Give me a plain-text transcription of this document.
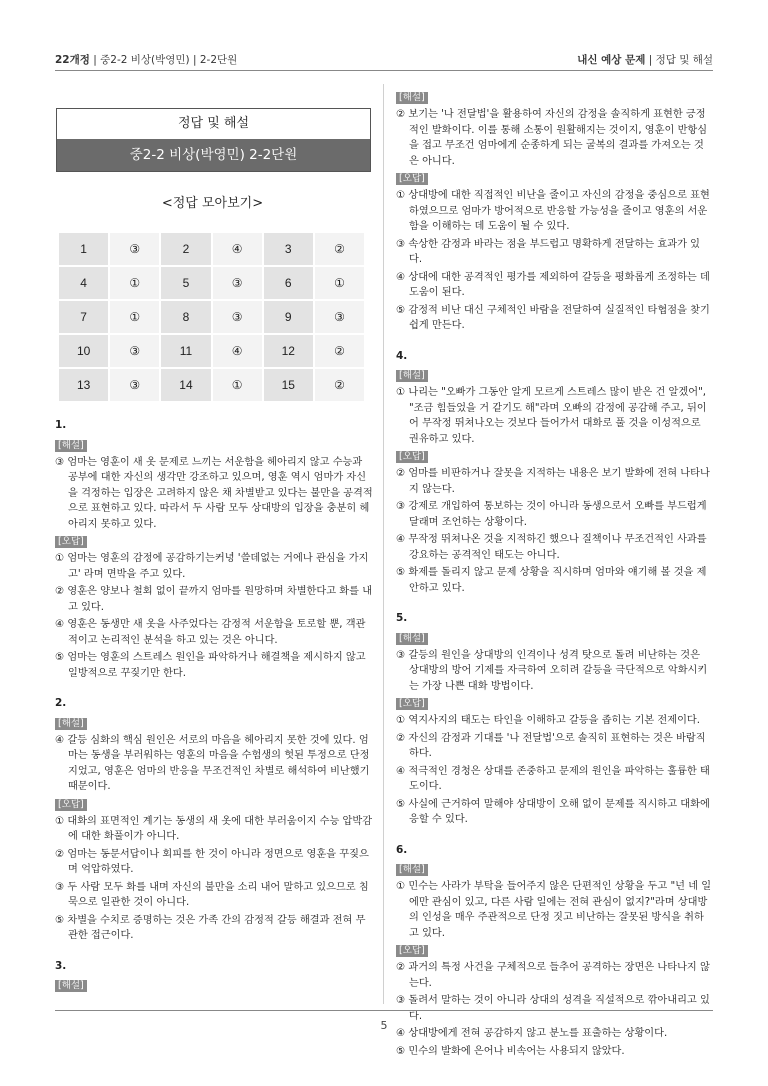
22개정 | 중2-2 비상(박영민) | 2-2단원	내신 예상 문제 | 정답 및 해설
정답 및 해설
중2-2 비상(박영민) 2-2단원
<정답 모아보기>
1	③	2	④	3	②
4	①	5	③	6	①
7	①	8	③	9	③
10	③	11	④	12	②
13	③	14	①	15	②
1.
[해설]
③ 엄마는 영훈이 새 옷 문제로 느끼는 서운함을 헤아리지 않고 수능과 공부에 대한 자신의 생각만 강조하고 있으며, 영훈 역시 엄마가 자신을 걱정하는 입장은 고려하지 않은 채 차별받고 있다는 불만을 공격적으로 표현하고 있다. 따라서 두 사람 모두 상대방의 입장을 충분히 헤아리지 못하고 있다.
[오답]
① 엄마는 영훈의 감정에 공감하기는커녕 '쓸데없는 거에나 관심을 가지고' 라며 면박을 주고 있다.
② 영훈은 양보나 철회 없이 끝까지 엄마를 원망하며 차별한다고 화를 내고 있다.
④ 영훈은 동생만 새 옷을 사주었다는 감정적 서운함을 토로할 뿐, 객관적이고 논리적인 분석을 하고 있는 것은 아니다.
⑤ 엄마는 영훈의 스트레스 원인을 파악하거나 해결책을 제시하지 않고 일방적으로 꾸짖기만 한다.
2.
[해설]
④ 갈등 심화의 핵심 원인은 서로의 마음을 헤아리지 못한 것에 있다. 엄마는 동생을 부러워하는 영훈의 마음을 수험생의 헛된 투정으로 단정 지었고, 영훈은 엄마의 반응을 무조건적인 차별로 해석하여 비난했기 때문이다.
[오답]
① 대화의 표면적인 계기는 동생의 새 옷에 대한 부러움이지 수능 압박감에 대한 화풀이가 아니다.
② 엄마는 동문서답이나 회피를 한 것이 아니라 정면으로 영훈을 꾸짖으며 억압하였다.
③ 두 사람 모두 화를 내며 자신의 불만을 소리 내어 말하고 있으므로 침묵으로 일관한 것이 아니다.
⑤ 차별을 수치로 증명하는 것은 가족 간의 감정적 갈등 해결과 전혀 무관한 접근이다.
3.
[해설]
[해설]
② 보기는 '나 전달법'을 활용하여 자신의 감정을 솔직하게 표현한 긍정적인 발화이다. 이를 통해 소통이 원활해지는 것이지, 영훈이 반항심을 접고 무조건 엄마에게 순종하게 되는 굴복의 결과를 가져오는 것은 아니다.
[오답]
① 상대방에 대한 직접적인 비난을 줄이고 자신의 감정을 중심으로 표현하였으므로 엄마가 방어적으로 반응할 가능성을 줄이고 영훈의 서운함을 이해하는 데 도움이 될 수 있다.
③ 속상한 감정과 바라는 점을 부드럽고 명확하게 전달하는 효과가 있다.
④ 상대에 대한 공격적인 평가를 제외하여 갈등을 평화롭게 조정하는 데 도움이 된다.
⑤ 감정적 비난 대신 구체적인 바람을 전달하여 실질적인 타협점을 찾기 쉽게 만든다.
4.
[해설]
① 나리는 "오빠가 그동안 알게 모르게 스트레스 많이 받은 건 알겠어", "조금 힘들었을 거 같기도 해"라며 오빠의 감정에 공감해 주고, 뒤이어 무작정 뛰쳐나오는 것보다 들어가서 대화로 풀 것을 이성적으로 권유하고 있다.
[오답]
② 엄마를 비판하거나 잘못을 지적하는 내용은 보기 발화에 전혀 나타나지 않는다.
③ 강제로 개입하여 통보하는 것이 아니라 동생으로서 오빠를 부드럽게 달래며 조언하는 상황이다.
④ 무작정 뛰쳐나온 것을 지적하긴 했으나 질책이나 무조건적인 사과를 강요하는 공격적인 태도는 아니다.
⑤ 화제를 돌리지 않고 문제 상황을 직시하며 엄마와 얘기해 볼 것을 제안하고 있다.
5.
[해설]
③ 갈등의 원인을 상대방의 인격이나 성격 탓으로 돌려 비난하는 것은 상대방의 방어 기제를 자극하여 오히려 갈등을 극단적으로 악화시키는 가장 나쁜 대화 방법이다.
[오답]
① 역지사지의 태도는 타인을 이해하고 갈등을 좁히는 기본 전제이다.
② 자신의 감정과 기대를 '나 전달법'으로 솔직히 표현하는 것은 바람직하다.
④ 적극적인 경청은 상대를 존중하고 문제의 원인을 파악하는 훌륭한 태도이다.
⑤ 사실에 근거하여 말해야 상대방이 오해 없이 문제를 직시하고 대화에 응할 수 있다.
6.
[해설]
① 민수는 사라가 부탁을 들어주지 않은 단편적인 상황을 두고 "넌 네 일에만 관심이 있고, 다른 사람 일에는 전혀 관심이 없지?"라며 상대방의 인성을 매우 주관적으로 단정 짓고 비난하는 잘못된 방식을 취하고 있다.
[오답]
② 과거의 특정 사건을 구체적으로 들추어 공격하는 장면은 나타나지 않는다.
③ 돌려서 말하는 것이 아니라 상대의 성격을 직설적으로 깎아내리고 있다.
④ 상대방에게 전혀 공감하지 않고 분노를 표출하는 상황이다.
⑤ 민수의 발화에 은어나 비속어는 사용되지 않았다.
5
